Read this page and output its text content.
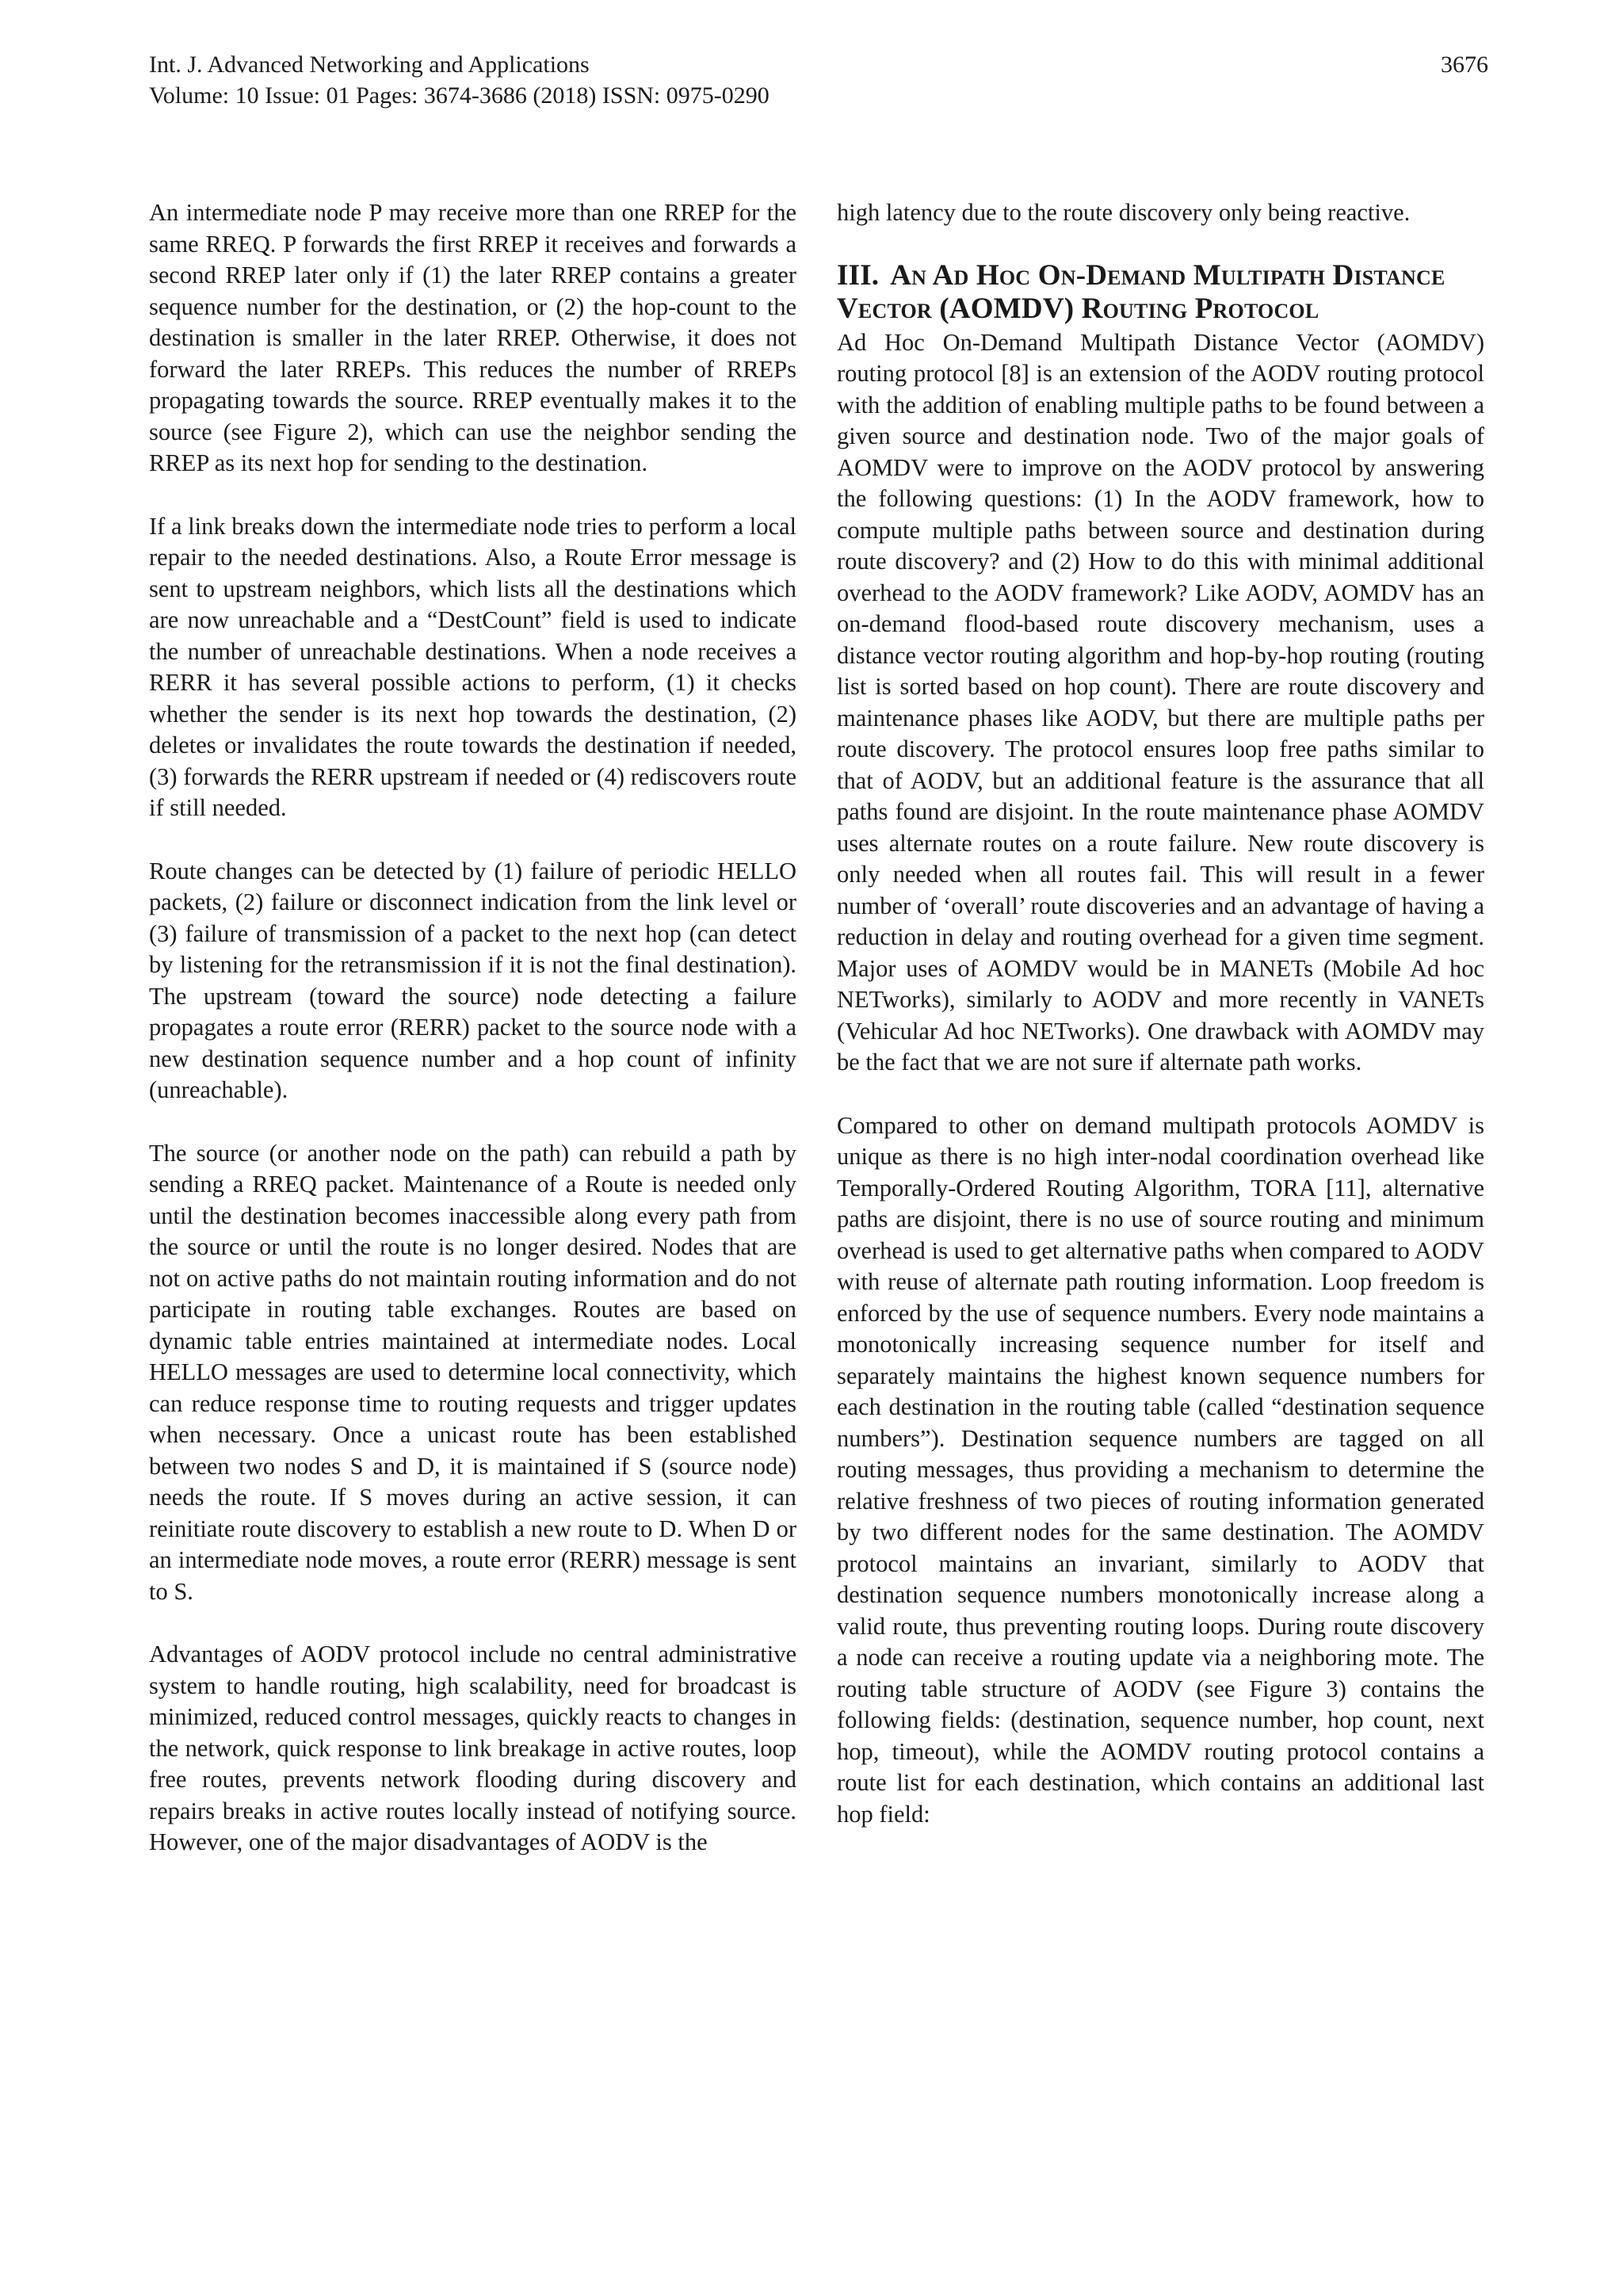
Int. J. Advanced Networking and Applications
Volume: 10 Issue: 01 Pages: 3674-3686 (2018) ISSN: 0975-0290
3676

An intermediate node P may receive more than one RREP for the same RREQ. P forwards the first RREP it receives and forwards a second RREP later only if (1) the later RREP contains a greater sequence number for the destination, or (2) the hop-count to the destination is smaller in the later RREP. Otherwise, it does not forward the later RREPs. This reduces the number of RREPs propagating towards the source. RREP eventually makes it to the source (see Figure 2), which can use the neighbor sending the RREP as its next hop for sending to the destination.

If a link breaks down the intermediate node tries to perform a local repair to the needed destinations. Also, a Route Error message is sent to upstream neighbors, which lists all the destinations which are now unreachable and a “DestCount” field is used to indicate the number of unreachable destinations. When a node receives a RERR it has several possible actions to perform, (1) it checks whether the sender is its next hop towards the destination, (2) deletes or invalidates the route towards the destination if needed, (3) forwards the RERR upstream if needed or (4) rediscovers route if still needed.

Route changes can be detected by (1) failure of periodic HELLO packets, (2) failure or disconnect indication from the link level or (3) failure of transmission of a packet to the next hop (can detect by listening for the retransmission if it is not the final destination). The upstream (toward the source) node detecting a failure propagates a route error (RERR) packet to the source node with a new destination sequence number and a hop count of infinity (unreachable).

The source (or another node on the path) can rebuild a path by sending a RREQ packet. Maintenance of a Route is needed only until the destination becomes inaccessible along every path from the source or until the route is no longer desired. Nodes that are not on active paths do not maintain routing information and do not participate in routing table exchanges. Routes are based on dynamic table entries maintained at intermediate nodes. Local HELLO messages are used to determine local connectivity, which can reduce response time to routing requests and trigger updates when necessary. Once a unicast route has been established between two nodes S and D, it is maintained if S (source node) needs the route. If S moves during an active session, it can reinitiate route discovery to establish a new route to D. When D or an intermediate node moves, a route error (RERR) message is sent to S.

Advantages of AODV protocol include no central administrative system to handle routing, high scalability, need for broadcast is minimized, reduced control messages, quickly reacts to changes in the network, quick response to link breakage in active routes, loop free routes, prevents network flooding during discovery and repairs breaks in active routes locally instead of notifying source. However, one of the major disadvantages of AODV is the

high latency due to the route discovery only being reactive.

III. An Ad Hoc On-Demand Multipath Distance Vector (AOMDV) Routing Protocol

Ad Hoc On-Demand Multipath Distance Vector (AOMDV) routing protocol [8] is an extension of the AODV routing protocol with the addition of enabling multiple paths to be found between a given source and destination node. Two of the major goals of AOMDV were to improve on the AODV protocol by answering the following questions: (1) In the AODV framework, how to compute multiple paths between source and destination during route discovery? and (2) How to do this with minimal additional overhead to the AODV framework? Like AODV, AOMDV has an on-demand flood-based route discovery mechanism, uses a distance vector routing algorithm and hop-by-hop routing (routing list is sorted based on hop count). There are route discovery and maintenance phases like AODV, but there are multiple paths per route discovery. The protocol ensures loop free paths similar to that of AODV, but an additional feature is the assurance that all paths found are disjoint. In the route maintenance phase AOMDV uses alternate routes on a route failure. New route discovery is only needed when all routes fail. This will result in a fewer number of ‘overall’ route discoveries and an advantage of having a reduction in delay and routing overhead for a given time segment. Major uses of AOMDV would be in MANETs (Mobile Ad hoc NETworks), similarly to AODV and more recently in VANETs (Vehicular Ad hoc NETworks). One drawback with AOMDV may be the fact that we are not sure if alternate path works.

Compared to other on demand multipath protocols AOMDV is unique as there is no high inter-nodal coordination overhead like Temporally-Ordered Routing Algorithm, TORA [11], alternative paths are disjoint, there is no use of source routing and minimum overhead is used to get alternative paths when compared to AODV with reuse of alternate path routing information. Loop freedom is enforced by the use of sequence numbers. Every node maintains a monotonically increasing sequence number for itself and separately maintains the highest known sequence numbers for each destination in the routing table (called “destination sequence numbers”). Destination sequence numbers are tagged on all routing messages, thus providing a mechanism to determine the relative freshness of two pieces of routing information generated by two different nodes for the same destination. The AOMDV protocol maintains an invariant, similarly to AODV that destination sequence numbers monotonically increase along a valid route, thus preventing routing loops. During route discovery a node can receive a routing update via a neighboring mote. The routing table structure of AODV (see Figure 3) contains the following fields: (destination, sequence number, hop count, next hop, timeout), while the AOMDV routing protocol contains a route list for each destination, which contains an additional last hop field:
